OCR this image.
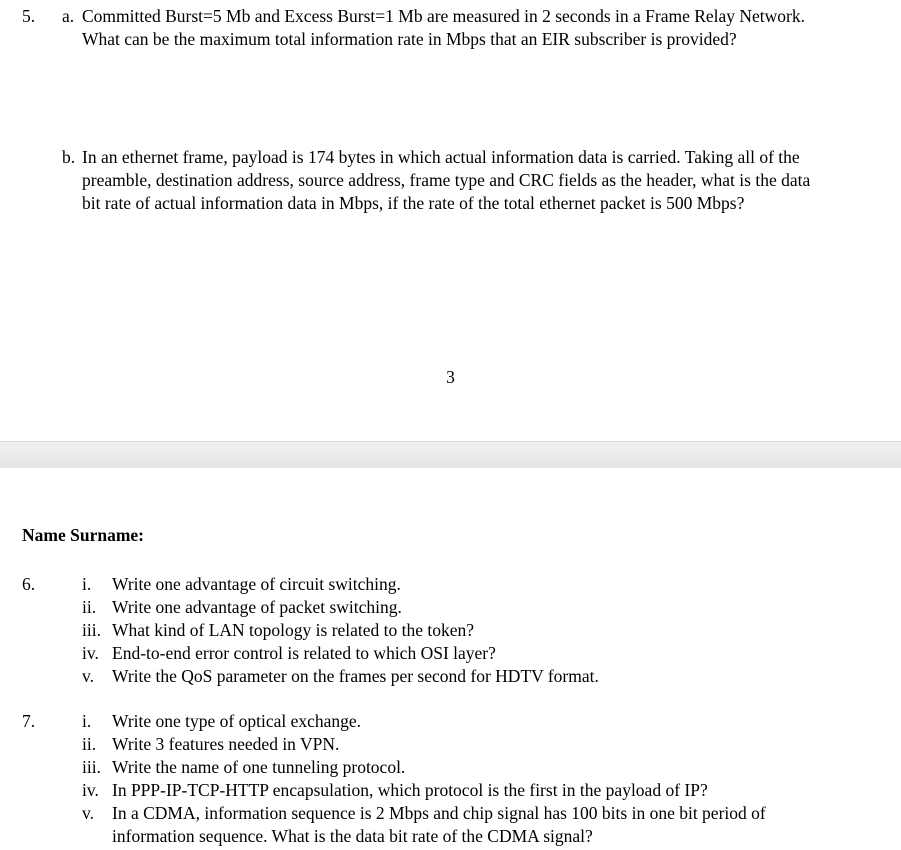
5.	a. Committed Burst=5 Mb and Excess Burst=1 Mb are measured in 2 seconds in a Frame Relay Network. What can be the maximum total information rate in Mbps that an EIR subscriber is provided?

b. In an ethernet frame, payload is 174 bytes in which actual information data is carried. Taking all of the preamble, destination address, source address, frame type and CRC fields as the header, what is the data bit rate of actual information data in Mbps, if the rate of the total ethernet packet is 500 Mbps?

3
Name Surname:
6.	i.	Write one advantage of circuit switching.
ii. Write one advantage of packet switching.
iii. What kind of LAN topology is related to the token?
iv. End-to-end error control is related to which OSI layer?
v.	Write the QoS parameter on the frames per second for HDTV format.
7.	i.	Write one type of optical exchange.
ii. Write 3 features needed in VPN.
iii. Write the name of one tunneling protocol.
iv. In PPP-IP-TCP-HTTP encapsulation, which protocol is the first in the payload of IP?
v.	In a CDMA, information sequence is 2 Mbps and chip signal has 100 bits in one bit period of information sequence. What is the data bit rate of the CDMA signal?
